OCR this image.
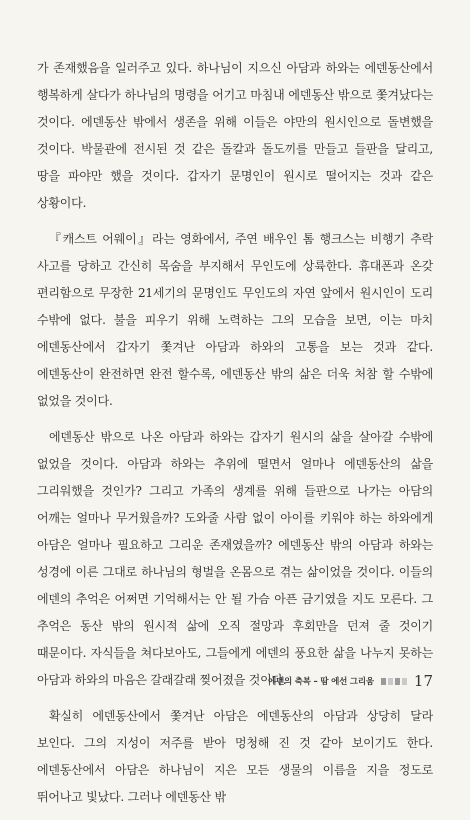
가 존재했음을 일러주고 있다. 하나님이 지으신 아담과 하와는 에덴동산에서 행복하게 살다가 하나님의 명령을 어기고 마침내 에덴동산 밖으로 쫓겨났다는 것이다. 에덴동산 밖에서 생존을 위해 이들은 야만의 원시인으로 돌변했을 것이다. 박물관에 전시된 것 같은 돌칼과 돌도끼를 만들고 들판을 달리고, 땅을 파야만 했을 것이다. 갑자기 문명인이 원시로 떨어지는 것과 같은 상황이다.

『캐스트 어웨이』라는 영화에서, 주연 배우인 톰 행크스는 비행기 추락 사고를 당하고 간신히 목숨을 부지해서 무인도에 상륙한다. 휴대폰과 온갖 편리함으로 무장한 21세기의 문명인도 무인도의 자연 앞에서 원시인이 도리 수밖에 없다. 불을 피우기 위해 노력하는 그의 모습을 보면, 이는 마치 에덴동산에서 갑자기 쫓겨난 아담과 하와의 고통을 보는 것과 같다. 에덴동산이 완전하면 완전 할수록, 에덴동산 밖의 삶은 더욱 처참 할 수밖에 없었을 것이다.

에덴동산 밖으로 나온 아담과 하와는 갑자기 원시의 삶을 살아갈 수밖에 없었을 것이다. 아담과 하와는 추위에 떨면서 얼마나 에덴동산의 삶을 그리워했을 것인가? 그리고 가족의 생계를 위해 들판으로 나가는 아담의 어깨는 얼마나 무거웠을까? 도와줄 사람 없이 아이를 키워야 하는 하와에게 아담은 얼마나 필요하고 그리운 존재였을까? 에덴동산 밖의 아담과 하와는 성경에 이른 그대로 하나님의 형벌을 온몸으로 겪는 삶이었을 것이다. 이들의 에덴의 추억은 어쩌면 기억해서는 안 될 가슴 아픈 금기였을 지도 모른다. 그 추억은 동산 밖의 원시적 삶에 오직 절망과 후회만을 던져 줄 것이기 때문이다. 자식들을 쳐다보아도, 그들에게 에덴의 풍요한 삶을 나누지 못하는 아담과 하와의 마음은 갈래갈래 찢어졌을 것이다.

확실히 에덴동산에서 쫓겨난 아담은 에덴동산의 아담과 상당히 달라 보인다. 그의 지성이 저주를 받아 멍청해 진 것 같아 보이기도 한다. 에덴동산에서 아담은 하나님이 지은 모든 생물의 이름을 지을 정도로 뛰어나고 빛났다. 그러나 에덴동산 밖

에덴의 축복 – 땀 에선 그리움	17
